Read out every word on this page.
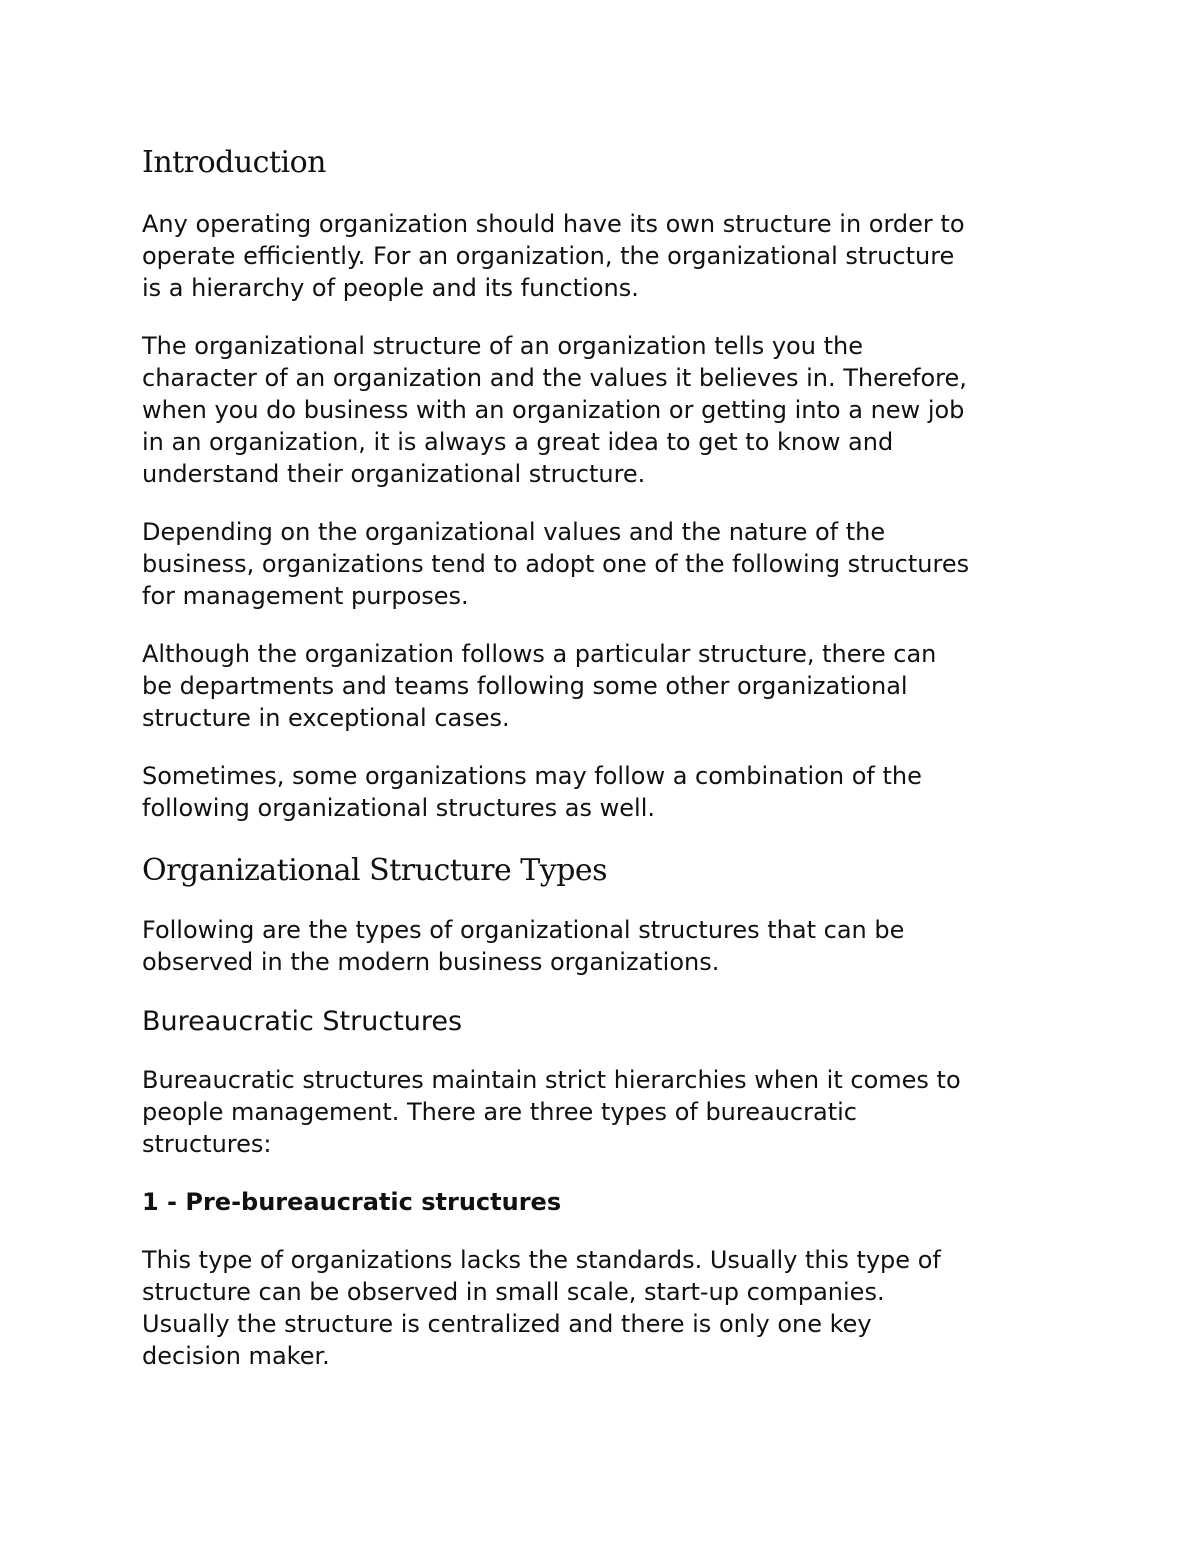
Introduction

Any operating organization should have its own structure in order to
operate efficiently. For an organization, the organizational structure
is a hierarchy of people and its functions.

The organizational structure of an organization tells you the
character of an organization and the values it believes in. Therefore,
when you do business with an organization or getting into a new job
in an organization, it is always a great idea to get to know and
understand their organizational structure.

Depending on the organizational values and the nature of the
business, organizations tend to adopt one of the following structures
for management purposes.

Although the organization follows a particular structure, there can
be departments and teams following some other organizational
structure in exceptional cases.

Sometimes, some organizations may follow a combination of the
following organizational structures as well.

Organizational Structure Types

Following are the types of organizational structures that can be
observed in the modern business organizations.

Bureaucratic Structures

Bureaucratic structures maintain strict hierarchies when it comes to
people management. There are three types of bureaucratic
structures:

1 - Pre-bureaucratic structures

This type of organizations lacks the standards. Usually this type of
structure can be observed in small scale, start-up companies.
Usually the structure is centralized and there is only one key
decision maker.
